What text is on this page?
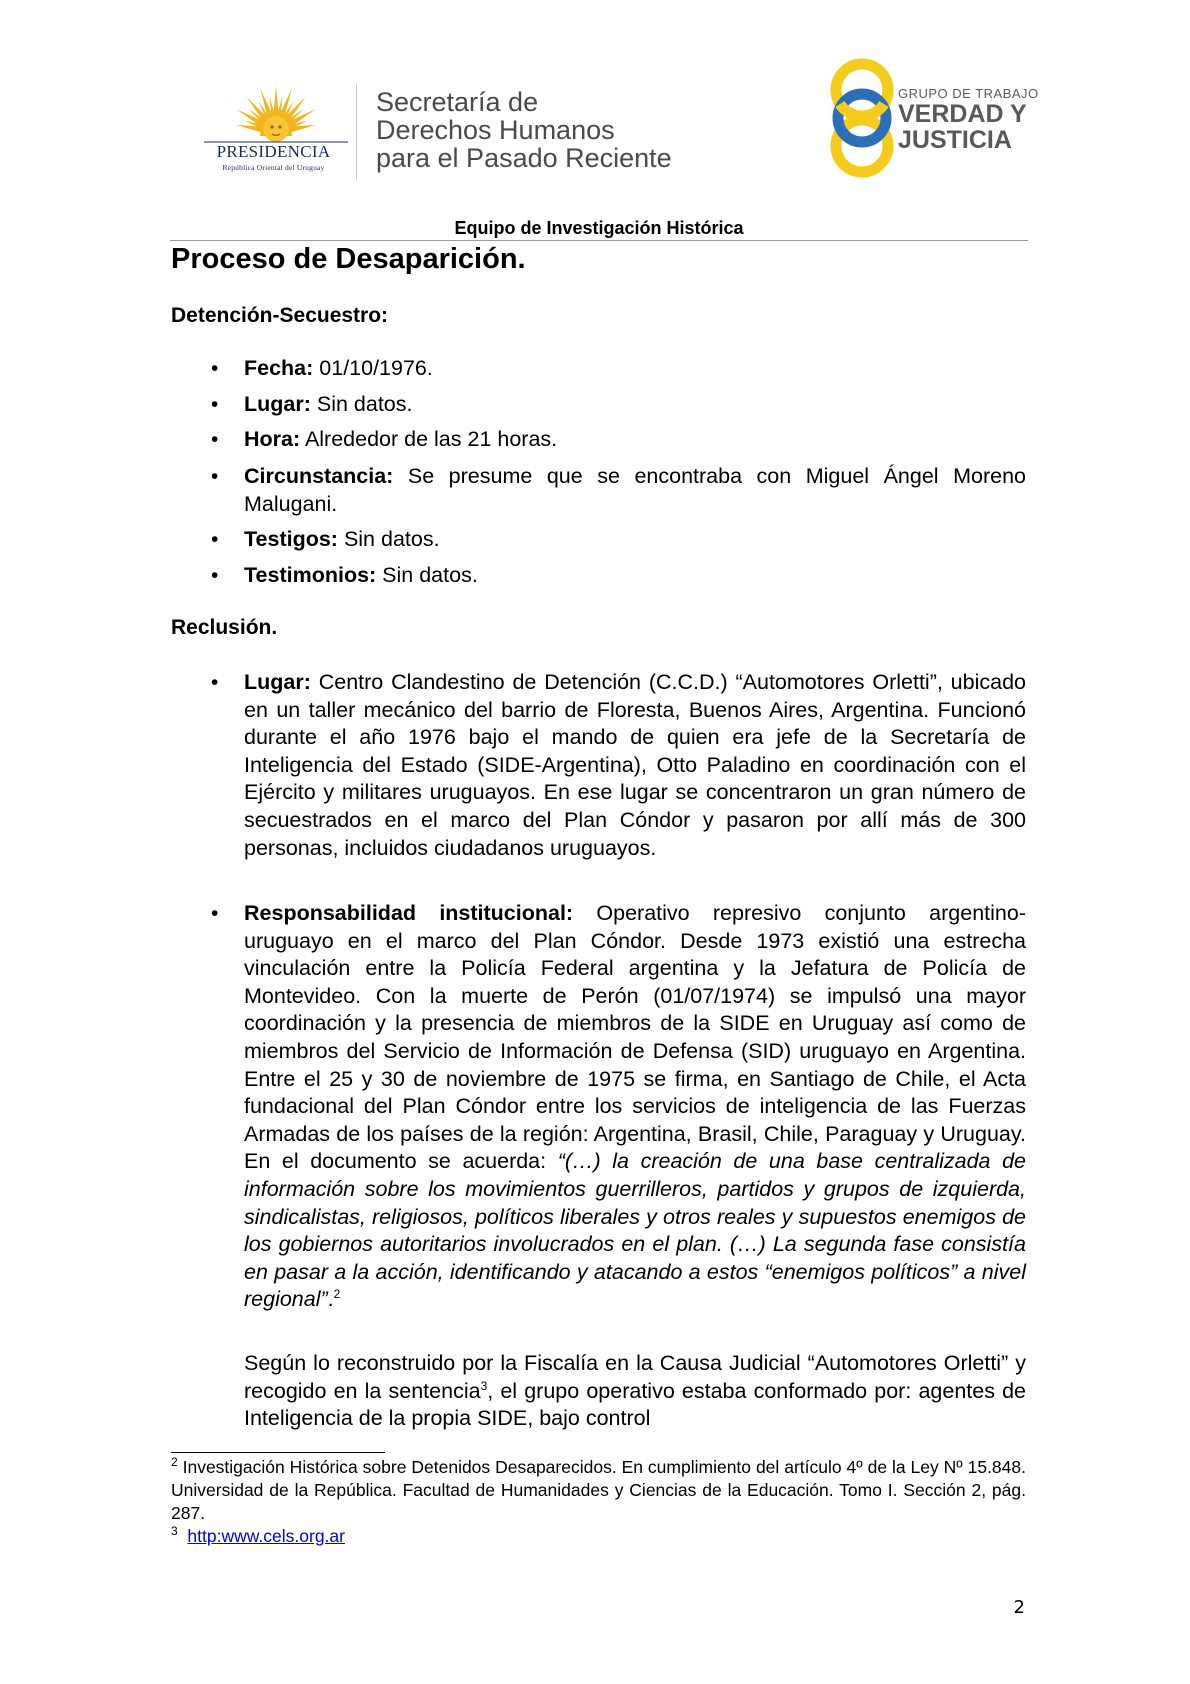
PRESIDENCIA
República Oriental del Uruguay
Secretaría de
Derechos Humanos
para el Pasado Reciente
GRUPO DE TRABAJO
VERDAD Y
JUSTICIA
Equipo de Investigación Histórica
Proceso de Desaparición.
Detención-Secuestro:
• Fecha: 01/10/1976.
• Lugar: Sin datos.
• Hora: Alrededor de las 21 horas.
• Circunstancia: Se presume que se encontraba con Miguel Ángel Moreno Malugani.
• Testigos: Sin datos.
• Testimonios: Sin datos.
Reclusión.
• Lugar: Centro Clandestino de Detención (C.C.D.) “Automotores Orletti”, ubicado en un taller mecánico del barrio de Floresta, Buenos Aires, Argentina. Funcionó durante el año 1976 bajo el mando de quien era jefe de la Secretaría de Inteligencia del Estado (SIDE-Argentina), Otto Paladino en coordinación con el Ejército y militares uruguayos. En ese lugar se concentraron un gran número de secuestrados en el marco del Plan Cóndor y pasaron por allí más de 300 personas, incluidos ciudadanos uruguayos.
• Responsabilidad institucional: Operativo represivo conjunto argentino-uruguayo en el marco del Plan Cóndor. Desde 1973 existió una estrecha vinculación entre la Policía Federal argentina y la Jefatura de Policía de Montevideo. Con la muerte de Perón (01/07/1974) se impulsó una mayor coordinación y la presencia de miembros de la SIDE en Uruguay así como de miembros del Servicio de Información de Defensa (SID) uruguayo en Argentina. Entre el 25 y 30 de noviembre de 1975 se firma, en Santiago de Chile, el Acta fundacional del Plan Cóndor entre los servicios de inteligencia de las Fuerzas Armadas de los países de la región: Argentina, Brasil, Chile, Paraguay y Uruguay. En el documento se acuerda: “(…) la creación de una base centralizada de información sobre los movimientos guerrilleros, partidos y grupos de izquierda, sindicalistas, religiosos, políticos liberales y otros reales y supuestos enemigos de los gobiernos autoritarios involucrados en el plan. (…) La segunda fase consistía en pasar a la acción, identificando y atacando a estos “enemigos políticos” a nivel regional”.$^2$
Según lo reconstruido por la Fiscalía en la Causa Judicial “Automotores Orletti” y recogido en la sentencia$^3$, el grupo operativo estaba conformado por: agentes de Inteligencia de la propia SIDE, bajo control
$^2$ Investigación Histórica sobre Detenidos Desaparecidos. En cumplimiento del artículo 4º de la Ley Nº 15.848. Universidad de la República. Facultad de Humanidades y Ciencias de la Educación. Tomo I. Sección 2, pág. 287.
$^3$ http:www.cels.org.ar
2
